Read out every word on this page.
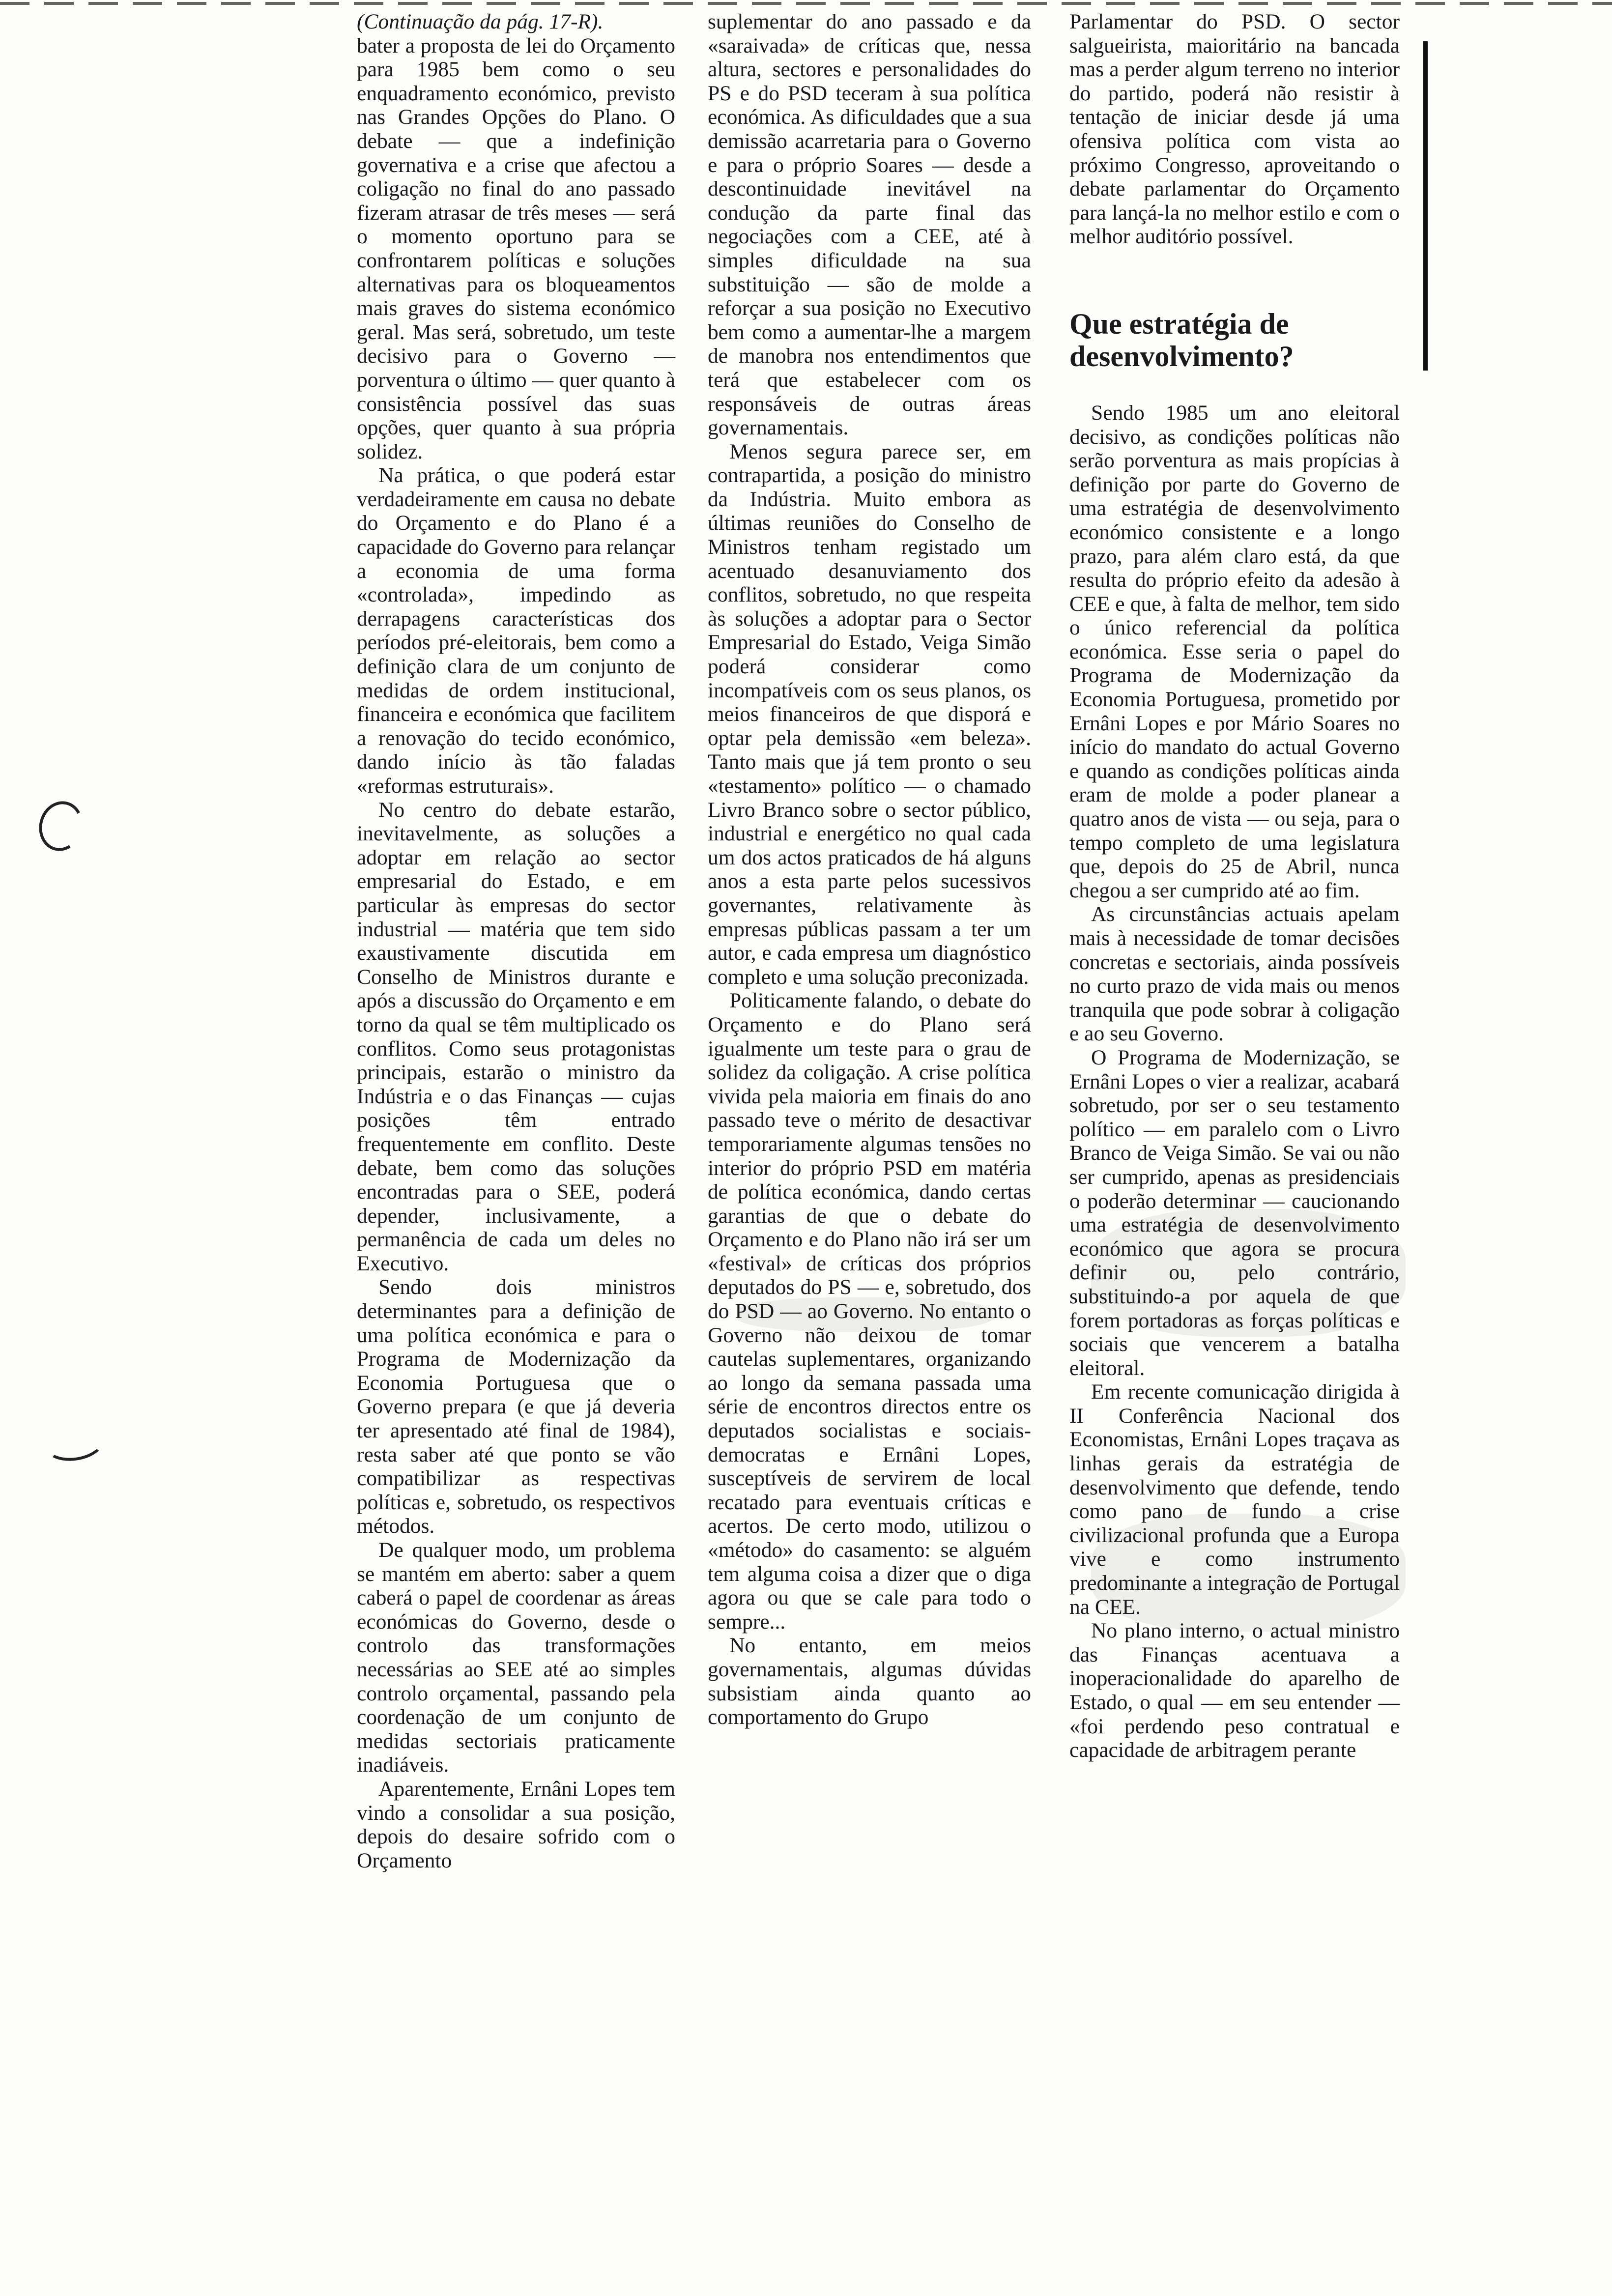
(Continuação da pág. 17-R).

bater a proposta de lei do Orçamento para 1985 bem como o seu enquadramento económico, previsto nas Grandes Opções do Plano. O debate — que a indefinição governativa e a crise que afectou a coligação no final do ano passado fizeram atrasar de três meses — será o momento oportuno para se confrontarem políticas e soluções alternativas para os bloqueamentos mais graves do sistema económico geral. Mas será, sobretudo, um teste decisivo para o Governo — porventura o último — quer quanto à consistência possível das suas opções, quer quanto à sua própria solidez.

Na prática, o que poderá estar verdadeiramente em causa no debate do Orçamento e do Plano é a capacidade do Governo para relançar a economia de uma forma «controlada», impedindo as derrapagens características dos períodos pré-eleitorais, bem como a definição clara de um conjunto de medidas de ordem institucional, financeira e económica que facilitem a renovação do tecido económico, dando início às tão faladas «reformas estruturais».

No centro do debate estarão, inevitavelmente, as soluções a adoptar em relação ao sector empresarial do Estado, e em particular às empresas do sector industrial — matéria que tem sido exaustivamente discutida em Conselho de Ministros durante e após a discussão do Orçamento e em torno da qual se têm multiplicado os conflitos. Como seus protagonistas principais, estarão o ministro da Indústria e o das Finanças — cujas posições têm entrado frequentemente em conflito. Deste debate, bem como das soluções encontradas para o SEE, poderá depender, inclusivamente, a permanência de cada um deles no Executivo.

Sendo dois ministros determinantes para a definição de uma política económica e para o Programa de Modernização da Economia Portuguesa que o Governo prepara (e que já deveria ter apresentado até final de 1984), resta saber até que ponto se vão compatibilizar as respectivas políticas e, sobretudo, os respectivos métodos.

De qualquer modo, um problema se mantém em aberto: saber a quem caberá o papel de coordenar as áreas económicas do Governo, desde o controlo das transformações necessárias ao SEE até ao simples controlo orçamental, passando pela coordenação de um conjunto de medidas sectoriais praticamente inadiáveis.

Aparentemente, Ernâni Lopes tem vindo a consolidar a sua posição, depois do desaire sofrido com o Orçamento

suplementar do ano passado e da «saraivada» de críticas que, nessa altura, sectores e personalidades do PS e do PSD teceram à sua política económica. As dificuldades que a sua demissão acarretaria para o Governo e para o próprio Soares — desde a descontinuidade inevitável na condução da parte final das negociações com a CEE, até à simples dificuldade na sua substituição — são de molde a reforçar a sua posição no Executivo bem como a aumentar-lhe a margem de manobra nos entendimentos que terá que estabelecer com os responsáveis de outras áreas governamentais.

Menos segura parece ser, em contrapartida, a posição do ministro da Indústria. Muito embora as últimas reuniões do Conselho de Ministros tenham registado um acentuado desanuviamento dos conflitos, sobretudo, no que respeita às soluções a adoptar para o Sector Empresarial do Estado, Veiga Simão poderá considerar como incompatíveis com os seus planos, os meios financeiros de que disporá e optar pela demissão «em beleza». Tanto mais que já tem pronto o seu «testamento» político — o chamado Livro Branco sobre o sector público, industrial e energético no qual cada um dos actos praticados de há alguns anos a esta parte pelos sucessivos governantes, relativamente às empresas públicas passam a ter um autor, e cada empresa um diagnóstico completo e uma solução preconizada.

Politicamente falando, o debate do Orçamento e do Plano será igualmente um teste para o grau de solidez da coligação. A crise política vivida pela maioria em finais do ano passado teve o mérito de desactivar temporariamente algumas tensões no interior do próprio PSD em matéria de política económica, dando certas garantias de que o debate do Orçamento e do Plano não irá ser um «festival» de críticas dos próprios deputados do PS — e, sobretudo, dos do PSD — ao Governo. No entanto o Governo não deixou de tomar cautelas suplementares, organizando ao longo da semana passada uma série de encontros directos entre os deputados socialistas e sociais-democratas e Ernâni Lopes, susceptíveis de servirem de local recatado para eventuais críticas e acertos. De certo modo, utilizou o «método» do casamento: se alguém tem alguma coisa a dizer que o diga agora ou que se cale para todo o sempre...

No entanto, em meios governamentais, algumas dúvidas subsistiam ainda quanto ao comportamento do Grupo

Parlamentar do PSD. O sector salgueirista, maioritário na bancada mas a perder algum terreno no interior do partido, poderá não resistir à tentação de iniciar desde já uma ofensiva política com vista ao próximo Congresso, aproveitando o debate parlamentar do Orçamento para lançá-la no melhor estilo e com o melhor auditório possível.

Que estratégia de desenvolvimento?

Sendo 1985 um ano eleitoral decisivo, as condições políticas não serão porventura as mais propícias à definição por parte do Governo de uma estratégia de desenvolvimento económico consistente e a longo prazo, para além claro está, da que resulta do próprio efeito da adesão à CEE e que, à falta de melhor, tem sido o único referencial da política económica. Esse seria o papel do Programa de Modernização da Economia Portuguesa, prometido por Ernâni Lopes e por Mário Soares no início do mandato do actual Governo e quando as condições políticas ainda eram de molde a poder planear a quatro anos de vista — ou seja, para o tempo completo de uma legislatura que, depois do 25 de Abril, nunca chegou a ser cumprido até ao fim.

As circunstâncias actuais apelam mais à necessidade de tomar decisões concretas e sectoriais, ainda possíveis no curto prazo de vida mais ou menos tranquila que pode sobrar à coligação e ao seu Governo.

O Programa de Modernização, se Ernâni Lopes o vier a realizar, acabará sobretudo, por ser o seu testamento político — em paralelo com o Livro Branco de Veiga Simão. Se vai ou não ser cumprido, apenas as presidenciais o poderão determinar — caucionando uma estratégia de desenvolvimento económico que agora se procura definir ou, pelo contrário, substituindo-a por aquela de que forem portadoras as forças políticas e sociais que vencerem a batalha eleitoral.

Em recente comunicação dirigida à II Conferência Nacional dos Economistas, Ernâni Lopes traçava as linhas gerais da estratégia de desenvolvimento que defende, tendo como pano de fundo a crise civilizacional profunda que a Europa vive e como instrumento predominante a integração de Portugal na CEE.

No plano interno, o actual ministro das Finanças acentuava a inoperacionalidade do aparelho de Estado, o qual — em seu entender — «foi perdendo peso contratual e capacidade de arbitragem perante
